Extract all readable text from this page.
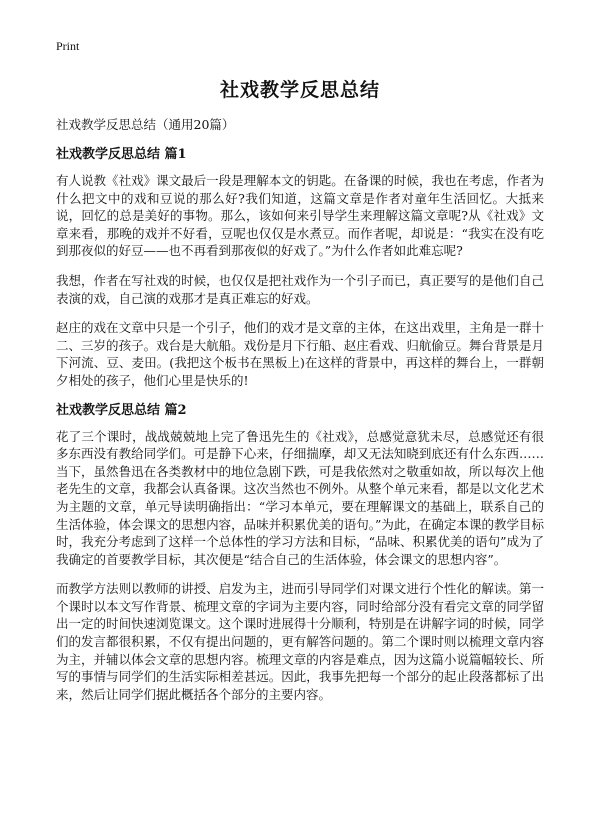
Print
社戏教学反思总结
社戏教学反思总结（通用20篇）
社戏教学反思总结 篇1

有人说教《社戏》课文最后一段是理解本文的钥匙。在备课的时候，我也在考虑，作者为什么把文中的戏和豆说的那么好?我们知道，这篇文章是作者对童年生活回忆。大抵来说，回忆的总是美好的事物。那么，该如何来引导学生来理解这篇文章呢?从《社戏》文章来看，那晚的戏并不好看，豆呢也仅仅是水煮豆。而作者呢，却说是：“我实在没有吃到那夜似的好豆——也不再看到那夜似的好戏了。”为什么作者如此难忘呢?

我想，作者在写社戏的时候，也仅仅是把社戏作为一个引子而已，真正要写的是他们自己表演的戏，自己演的戏那才是真正难忘的好戏。

赵庄的戏在文章中只是一个引子，他们的戏才是文章的主体，在这出戏里，主角是一群十二、三岁的孩子。戏台是大航船。戏份是月下行船、赵庄看戏、归航偷豆。舞台背景是月下河流、豆、麦田。(我把这个板书在黑板上)在这样的背景中，再这样的舞台上，一群朝夕相处的孩子，他们心里是快乐的!

社戏教学反思总结 篇2

花了三个课时，战战兢兢地上完了鲁迅先生的《社戏》，总感觉意犹未尽，总感觉还有很多东西没有教给同学们。可是静下心来，仔细揣摩，却又无法知晓到底还有什么东西…… 当下，虽然鲁迅在各类教材中的地位急剧下跌，可是我依然对之敬重如故，所以每次上他老先生的文章，我都会认真备课。这次当然也不例外。从整个单元来看，都是以文化艺术为主题的文章，单元导读明确指出：“学习本单元，要在理解课文的基础上，联系自己的生活体验，体会课文的思想内容，品味并积累优美的语句。”为此，在确定本课的教学目标时，我充分考虑到了这样一个总体性的学习方法和目标，“品味、积累优美的语句”成为了我确定的首要教学目标，其次便是“结合自己的生活体验，体会课文的思想内容”。

而教学方法则以教师的讲授、启发为主，进而引导同学们对课文进行个性化的解读。第一个课时以本文写作背景、梳理文章的字词为主要内容，同时给部分没有看完文章的同学留出一定的时间快速浏览课文。这个课时进展得十分顺利，特别是在讲解字词的时候，同学们的发言都很积累，不仅有提出问题的，更有解答问题的。第二个课时则以梳理文章内容为主，并辅以体会文章的思想内容。梳理文章的内容是难点，因为这篇小说篇幅较长、所写的事情与同学们的生活实际相差甚远。因此，我事先把每一个部分的起止段落都标了出来，然后让同学们据此概括各个部分的主要内容。
